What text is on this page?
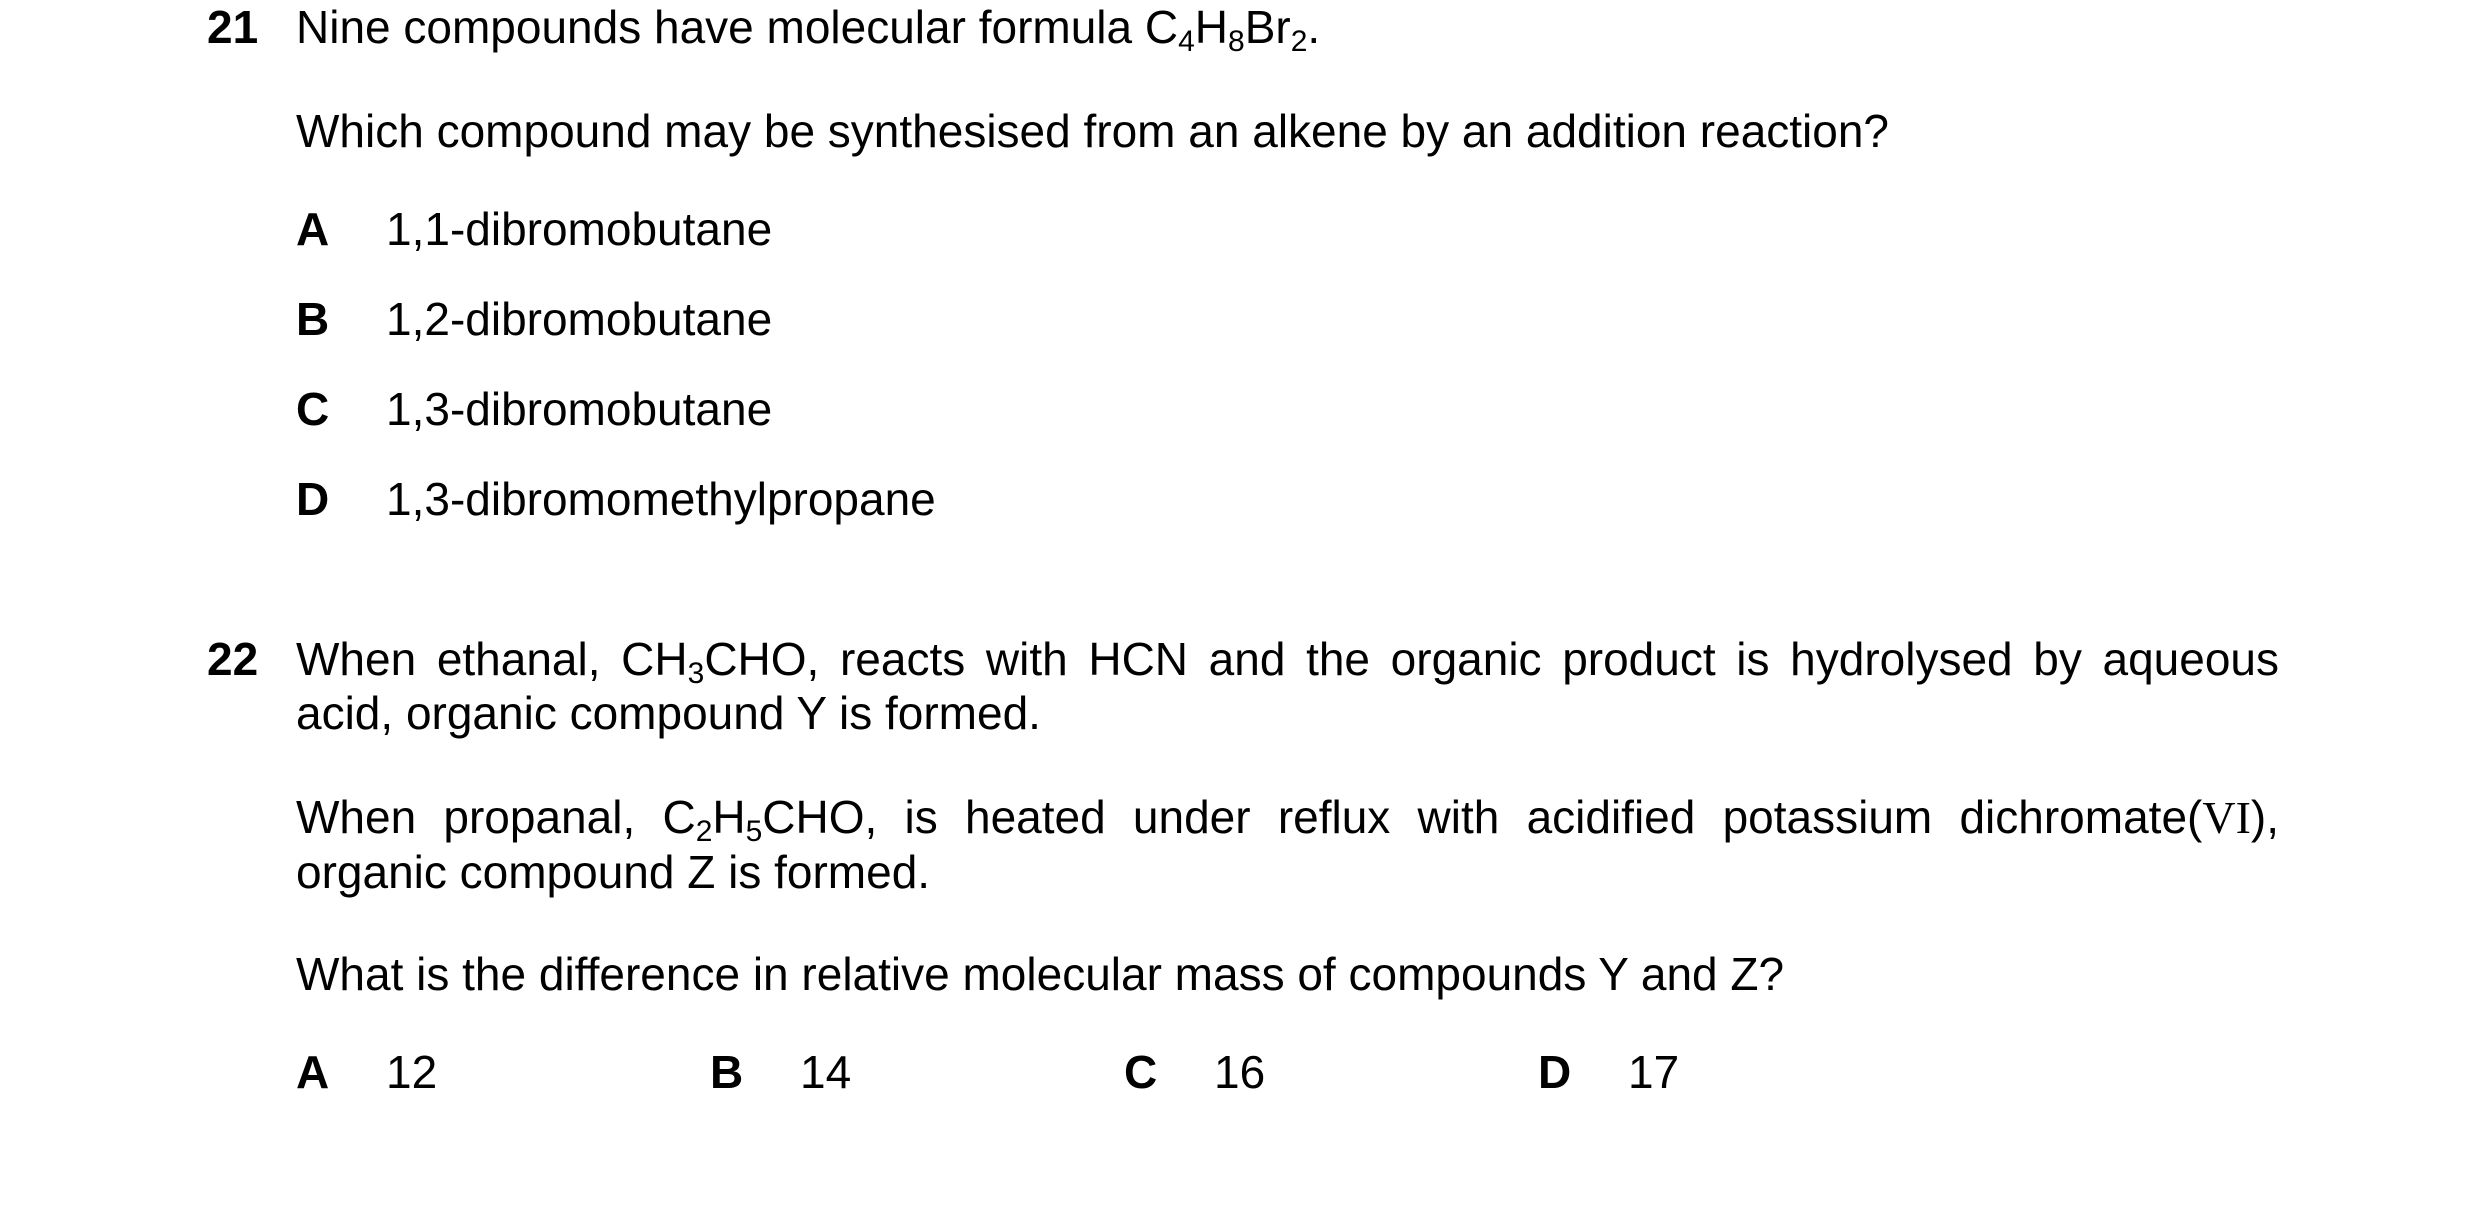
21 Nine compounds have molecular formula $C_4H_8Br_2$.
Which compound may be synthesised from an alkene by an addition reaction?
A 1,1-dibromobutane
B 1,2-dibromobutane
C 1,3-dibromobutane
D 1,3-dibromomethylpropane
22 When ethanal, $CH_3CHO$, reacts with HCN and the organic product is hydrolysed by aqueous acid, organic compound Y is formed.
When propanal, $C_2H_5CHO$, is heated under reflux with acidified potassium dichromate(VI), organic compound Z is formed.
What is the difference in relative molecular mass of compounds Y and Z?
A 12	B 14	C 16	D 17
